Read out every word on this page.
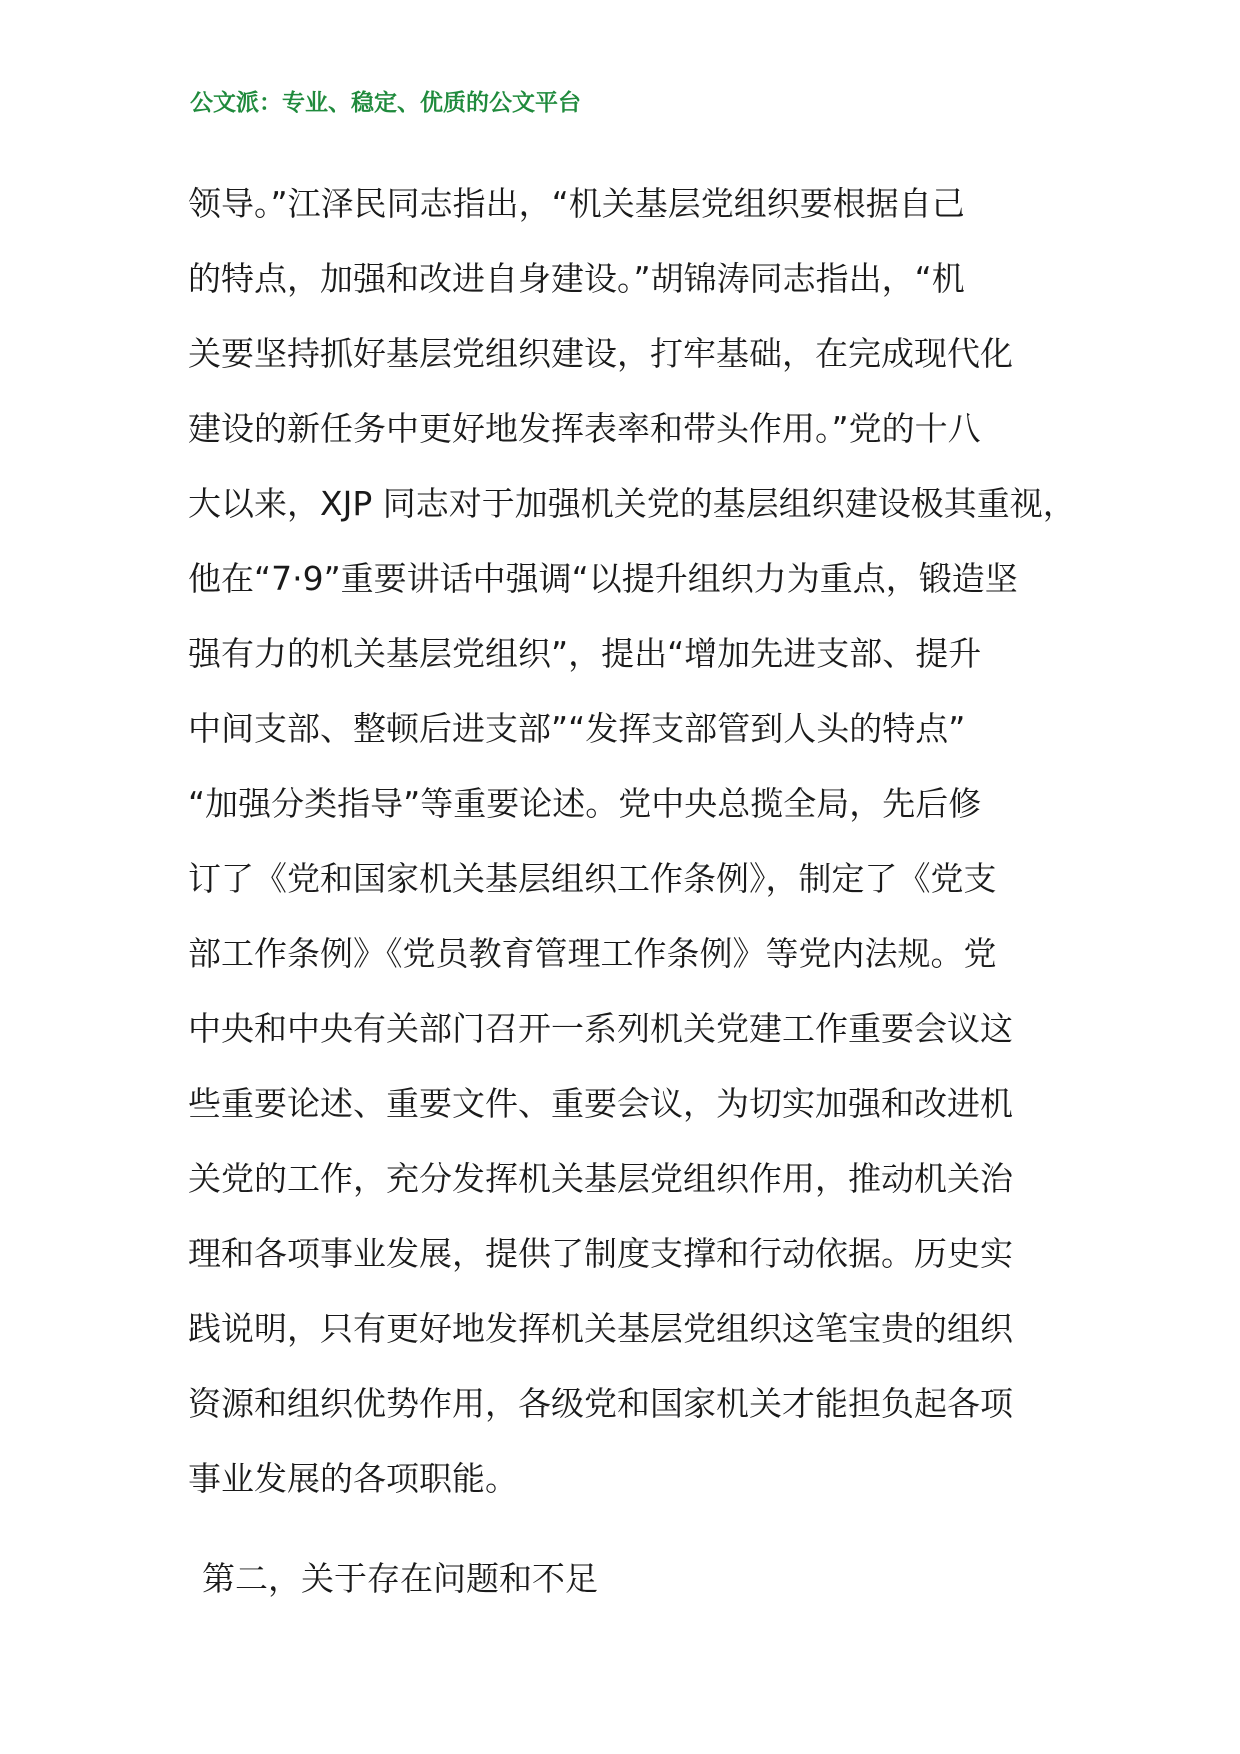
公文派：专业、稳定、优质的公文平台
领导。”江泽民同志指出，“机关基层党组织要根据自己
的特点，加强和改进自身建设。”胡锦涛同志指出，“机
关要坚持抓好基层党组织建设，打牢基础，在完成现代化
建设的新任务中更好地发挥表率和带头作用。”党的十八
大以来，XJP 同志对于加强机关党的基层组织建设极其重视，
他在“7·9”重要讲话中强调“以提升组织力为重点，锻造坚
强有力的机关基层党组织”，提出“增加先进支部、提升
中间支部、整顿后进支部”“发挥支部管到人头的特点”
“加强分类指导”等重要论述。党中央总揽全局，先后修
订了《党和国家机关基层组织工作条例》，制定了《党支
部工作条例》《党员教育管理工作条例》等党内法规。党
中央和中央有关部门召开一系列机关党建工作重要会议这
些重要论述、重要文件、重要会议，为切实加强和改进机
关党的工作，充分发挥机关基层党组织作用，推动机关治
理和各项事业发展，提供了制度支撑和行动依据。历史实
践说明，只有更好地发挥机关基层党组织这笔宝贵的组织
资源和组织优势作用，各级党和国家机关才能担负起各项
事业发展的各项职能。
第二，关于存在问题和不足
